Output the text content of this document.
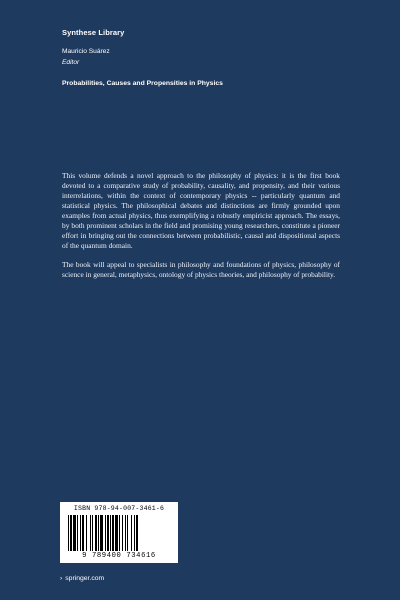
Synthese Library
Mauricio Suárez
Editor
Probabilities, Causes and Propensities in Physics

This volume defends a novel approach to the philosophy of physics: it is the first book devoted to a comparative study of probability, causality, and propensity, and their various interrelations, within the context of contemporary physics -- particularly quantum and statistical physics. The philosophical debates and distinctions are firmly grounded upon examples from actual physics, thus exemplifying a robustly empiricist approach. The essays, by both prominent scholars in the field and promising young researchers, constitute a pioneer effort in bringing out the connections between probabilistic, causal and dispositional aspects of the quantum domain.

The book will appeal to specialists in philosophy and foundations of physics, philosophy of science in general, metaphysics, ontology of physics theories, and philosophy of probability.

ISBN 978-94-007-3461-6
9 789400 734616
› springer.com
